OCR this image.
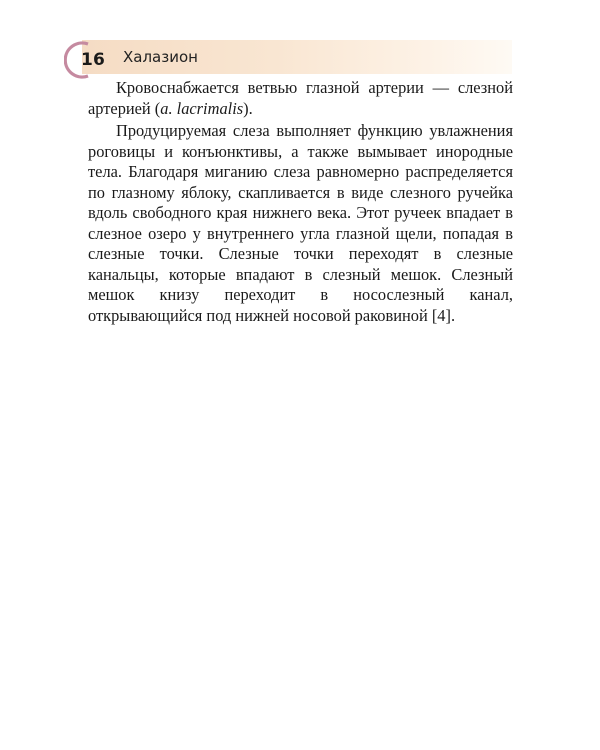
16 Халазион

Кровоснабжается ветвью глазной артерии — слезной артерией (a. lacrimalis).

Продуцируемая слеза выполняет функцию увлажнения роговицы и конъюнктивы, а также вымывает инородные тела. Благодаря миганию слеза равномерно распределяется по глазному яблоку, скапливается в виде слезного ручейка вдоль свободного края нижнего века. Этот ручеек впадает в слезное озеро у внутреннего угла глазной щели, попадая в слезные точки. Слезные точки переходят в слезные канальцы, которые впадают в слезный мешок. Слезный мешок книзу переходит в носослезный канал, открывающийся под нижней носовой раковиной [4].
